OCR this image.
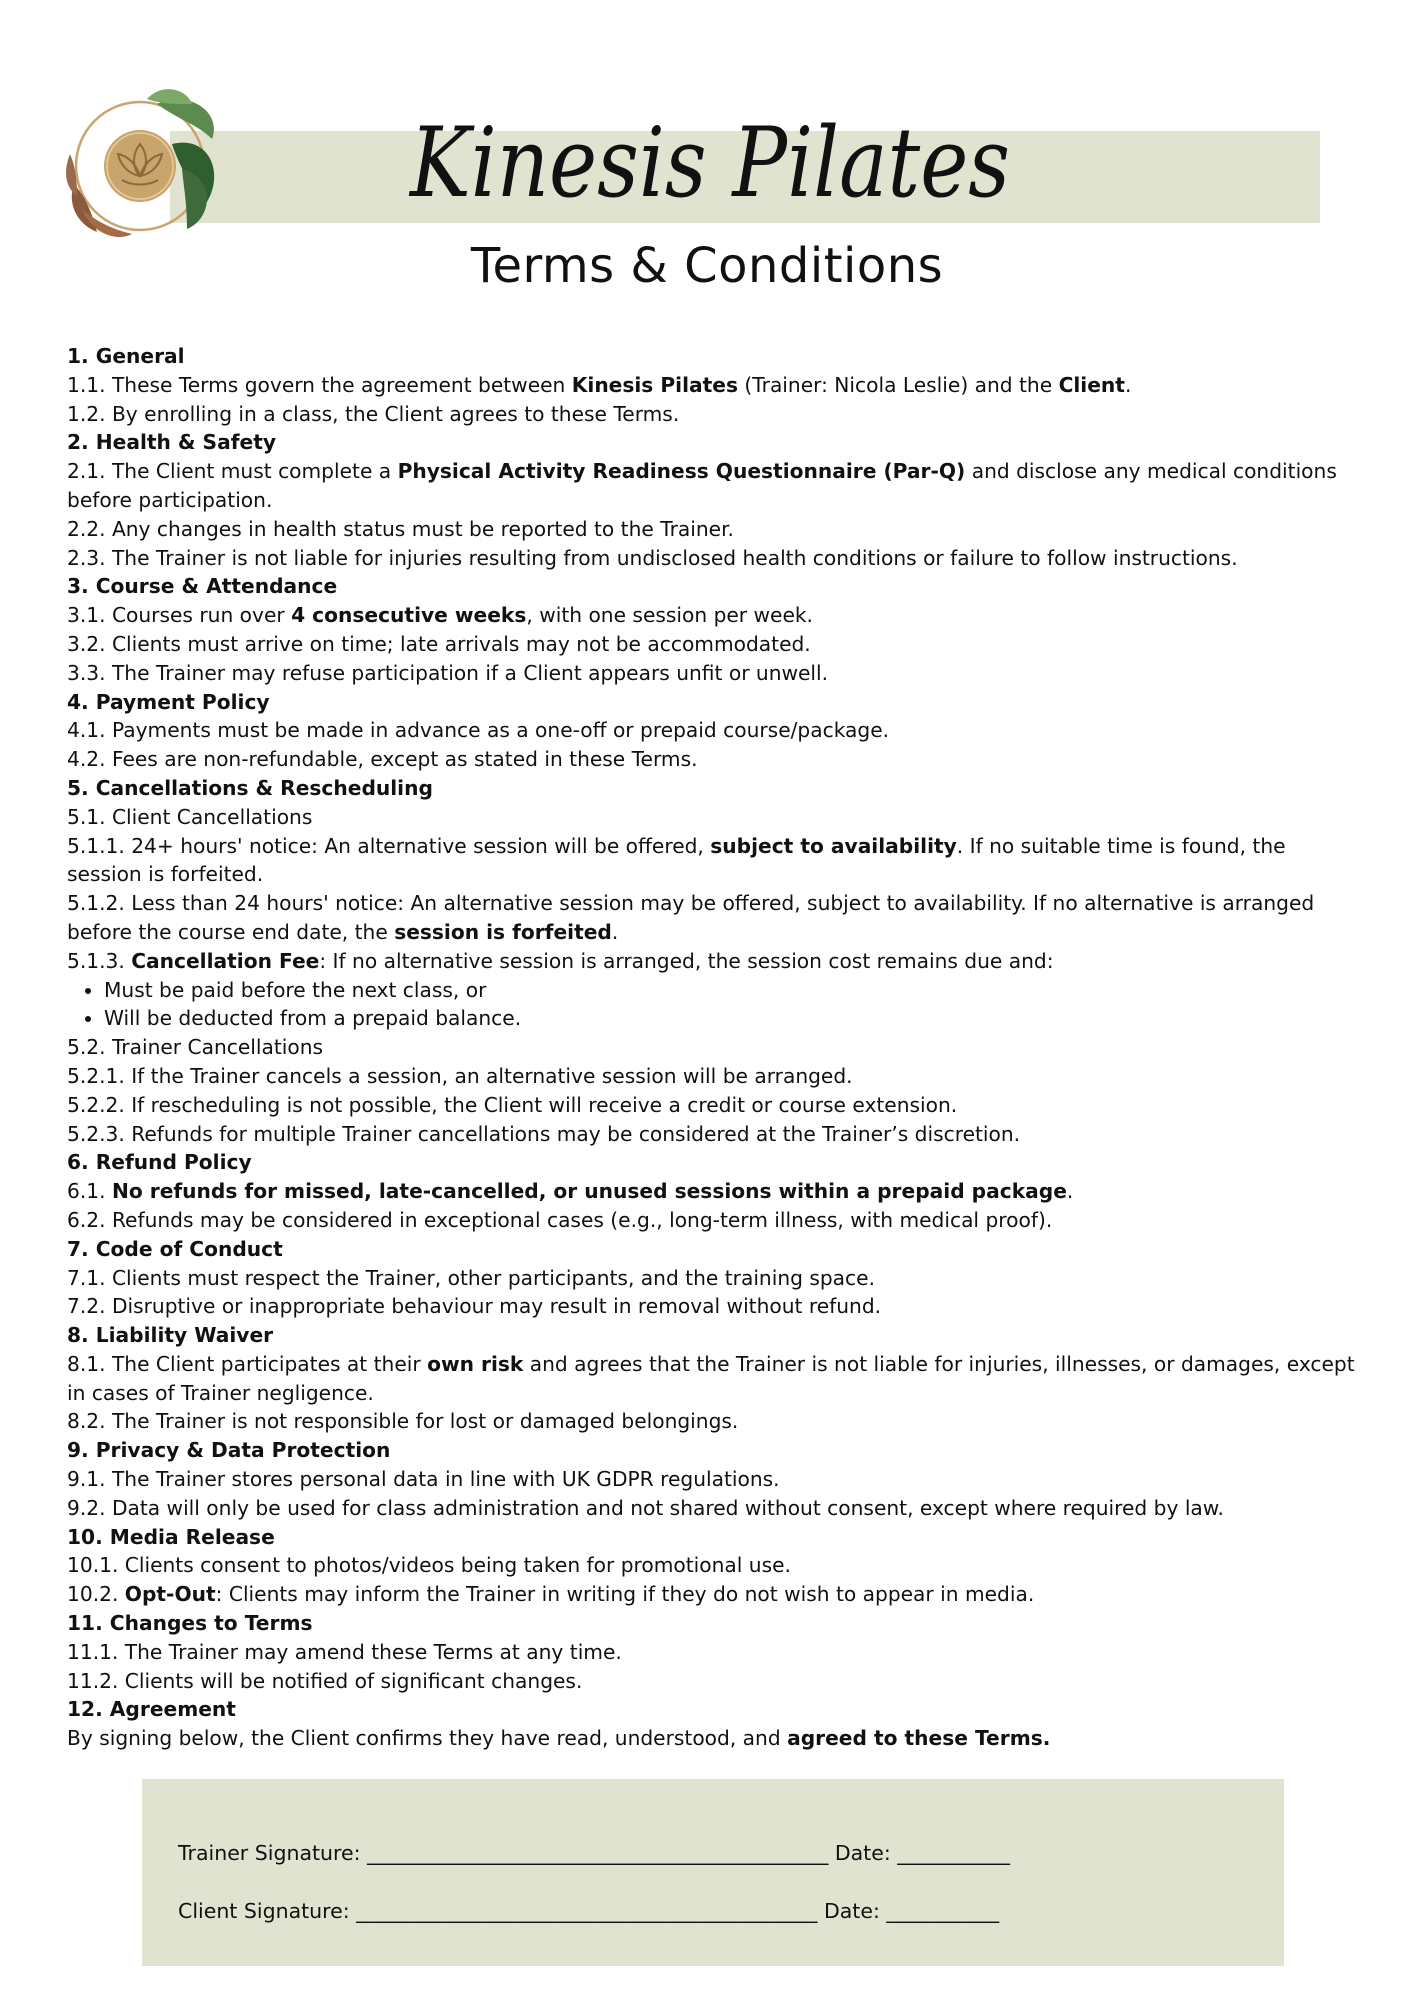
Kinesis Pilates
Terms & Conditions

1. General

1.1. These Terms govern the agreement between Kinesis Pilates (Trainer: Nicola Leslie) and the Client.

1.2. By enrolling in a class, the Client agrees to these Terms.

2. Health & Safety

2.1. The Client must complete a Physical Activity Readiness Questionnaire (Par-Q) and disclose any medical conditions before participation.

2.2. Any changes in health status must be reported to the Trainer.

2.3. The Trainer is not liable for injuries resulting from undisclosed health conditions or failure to follow instructions.

3. Course & Attendance

3.1. Courses run over 4 consecutive weeks, with one session per week.

3.2. Clients must arrive on time; late arrivals may not be accommodated.

3.3. The Trainer may refuse participation if a Client appears unfit or unwell.

4. Payment Policy

4.1. Payments must be made in advance as a one-off or prepaid course/package.

4.2. Fees are non-refundable, except as stated in these Terms.

5. Cancellations & Rescheduling

5.1. Client Cancellations

5.1.1. 24+ hours' notice: An alternative session will be offered, subject to availability. If no suitable time is found, the session is forfeited.

5.1.2. Less than 24 hours' notice: An alternative session may be offered, subject to availability. If no alternative is arranged before the course end date, the session is forfeited.

5.1.3. Cancellation Fee: If no alternative session is arranged, the session cost remains due and:

• Must be paid before the next class, or
• Will be deducted from a prepaid balance.

5.2. Trainer Cancellations

5.2.1. If the Trainer cancels a session, an alternative session will be arranged.

5.2.2. If rescheduling is not possible, the Client will receive a credit or course extension.

5.2.3. Refunds for multiple Trainer cancellations may be considered at the Trainer’s discretion.

6. Refund Policy

6.1. No refunds for missed, late-cancelled, or unused sessions within a prepaid package.

6.2. Refunds may be considered in exceptional cases (e.g., long-term illness, with medical proof).

7. Code of Conduct

7.1. Clients must respect the Trainer, other participants, and the training space.

7.2. Disruptive or inappropriate behaviour may result in removal without refund.

8. Liability Waiver

8.1. The Client participates at their own risk and agrees that the Trainer is not liable for injuries, illnesses, or damages, except in cases of Trainer negligence.

8.2. The Trainer is not responsible for lost or damaged belongings.

9. Privacy & Data Protection

9.1. The Trainer stores personal data in line with UK GDPR regulations.

9.2. Data will only be used for class administration and not shared without consent, except where required by law.

10. Media Release

10.1. Clients consent to photos/videos being taken for promotional use.

10.2. Opt-Out: Clients may inform the Trainer in writing if they do not wish to appear in media.

11. Changes to Terms

11.1. The Trainer may amend these Terms at any time.

11.2. Clients will be notified of significant changes.

12. Agreement

By signing below, the Client confirms they have read, understood, and agreed to these Terms.

Trainer Signature: _____________________________________________ Date: ___________
Client Signature: _____________________________________________ Date: ___________
